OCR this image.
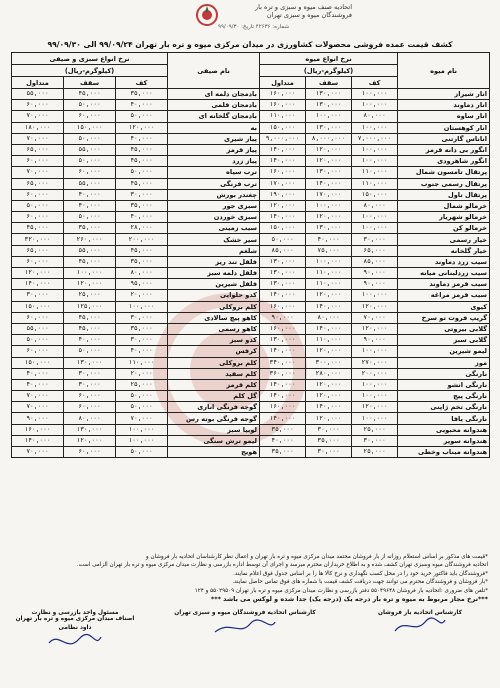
اتحادیه صنف میوه و سبزی و تره بار
فروشندگان میوه و سبزی تهران
شماره: ۴۲۶۳۶ تاریخ: ۹۹/۰۹/۳۰
کشف قیمت عمده فروشی محصولات کشاورزی در میدان مرکزی میوه و تره بار تهران ۹۹/۰۹/۲۴ الی ۹۹/۰۹/۳۰
نام میوه	نرخ انواع میوه			نام صیفی	نرخ انواع سبزی و صیفی		
	(کیلوگرم-ریال)				(کیلوگرم-ریال)		
	کف	سقف	متداول		کف	سقف	متداول
انار شیراز	۱۰۰,۰۰۰	۱۳۰,۰۰۰	۱۶۰,۰۰۰	بادمجان دلمه ای	۳۵,۰۰۰	۴۵,۰۰۰	۵۵,۰۰۰
انار دماوند	۱۰۰,۰۰۰	۱۳۰,۰۰۰	۱۶۰,۰۰۰	بادمجان قلمی	۴۰,۰۰۰	۵۰,۰۰۰	۶۰,۰۰۰
انار ساوه	۸۰,۰۰۰	۱۰۰,۰۰۰	۱۱۰,۰۰۰	بادمجان گلخانه ای	۵۰,۰۰۰	۶۰,۰۰۰	۷۰,۰۰۰
انار کوهستان	۱۰۰,۰۰۰	۱۳۰,۰۰۰	۱۵۰,۰۰۰	به	۱۲۰,۰۰۰	۱۵۰,۰۰۰	۱۸۰,۰۰۰
اناناس گارتنی	۷,۰۰۰,۰۰۰	۸,۰۰۰,۰۰۰	۹,۰۰۰,۰۰۰	پیاز شیری	۴۰,۰۰۰	۵۰,۰۰۰	۷۰,۰۰۰
انگور بی دانه قرمز	۱۰۰,۰۰۰	۱۲۰,۰۰۰	۱۴۰,۰۰۰	پیاز قرمز	۴۵,۰۰۰	۵۵,۰۰۰	۶۵,۰۰۰
انگور شاهرودی	۱۰۰,۰۰۰	۱۲۰,۰۰۰	۱۴۰,۰۰۰	پیاز زرد	۴۵,۰۰۰	۵۰,۰۰۰	۶۰,۰۰۰
پرتقال تامسون شمال	۱۱۰,۰۰۰	۱۳۰,۰۰۰	۱۶۰,۰۰۰	ترب سیاه	۵۰,۰۰۰	۶۰,۰۰۰	۷۰,۰۰۰
پرتقال رسمی جنوب	۱۱۰,۰۰۰	۱۴۰,۰۰۰	۱۷۰,۰۰۰	ترب فرنگی	۴۵,۰۰۰	۵۵,۰۰۰	۶۵,۰۰۰
پرتقال تاول	۱۵۰,۰۰۰	۱۷۰,۰۰۰	۱۹۰,۰۰۰	چغندر بورش	۳۰,۰۰۰	۴۰,۰۰۰	۶۰,۰۰۰
خرمالو شمال	۸۰,۰۰۰	۱۰۰,۰۰۰	۱۲۰,۰۰۰	سبزی جور	۳۵,۰۰۰	۴۰,۰۰۰	۵۰,۰۰۰
خرمالو شهریار	۱۰۰,۰۰۰	۱۲۰,۰۰۰	۱۴۰,۰۰۰	سبزی خوردن	۴۰,۰۰۰	۵۰,۰۰۰	۶۰,۰۰۰
خرمالو کن	۱۰۰,۰۰۰	۱۳۰,۰۰۰	۱۵۰,۰۰۰	سیب زمینی	۲۸,۰۰۰	۳۵,۰۰۰	۴۵,۰۰۰
خیار رسمی	۳۰,۰۰۰	۴۰,۰۰۰	۵۰,۰۰۰	سیر خشک	۲۰۰,۰۰۰	۲۶۰,۰۰۰	۳۲۰,۰۰۰
خیار گلخانه	۶۵,۰۰۰	۷۵,۰۰۰	۸۵,۰۰۰	شلغم	۴۵,۰۰۰	۵۵,۰۰۰	۶۵,۰۰۰
سیب زرد دماوند	۸۵,۰۰۰	۱۰۰,۰۰۰	۱۳۰,۰۰۰	فلفل تند ریز	۳۵,۰۰۰	۴۵,۰۰۰	۶۰,۰۰۰
سیب زردلبنانی میانه	۹۰,۰۰۰	۱۱۰,۰۰۰	۱۳۰,۰۰۰	فلفل دلمه سبز	۸۰,۰۰۰	۱۰۰,۰۰۰	۱۲۰,۰۰۰
سیب قرمز دماوند	۹۰,۰۰۰	۱۱۰,۰۰۰	۱۳۰,۰۰۰	فلفل شیرین	۹۵,۰۰۰	۱۲۰,۰۰۰	۱۴۰,۰۰۰
سیب قرمز مراغه	۱۰۰,۰۰۰	۱۲۰,۰۰۰	۱۴۰,۰۰۰	کدو حلوایی	۲۰,۰۰۰	۲۵,۰۰۰	۳۰,۰۰۰
کیوی	۱۲۰,۰۰۰	۱۴۰,۰۰۰	۱۶۰,۰۰۰	کلم بروکلی	۱۰۰,۰۰۰	۱۲۵,۰۰۰	۱۵۰,۰۰۰
گریپ فروت تو سرخ	۷۰,۰۰۰	۸۰,۰۰۰	۹۰,۰۰۰	کاهو پیچ سالادی	۳۰,۰۰۰	۴۵,۰۰۰	۶۰,۰۰۰
گلابی بیروتی	۱۲۰,۰۰۰	۱۴۰,۰۰۰	۱۶۰,۰۰۰	کاهو رسمی	۳۵,۰۰۰	۴۵,۰۰۰	۵۵,۰۰۰
گلابی سبز	۹۰,۰۰۰	۱۱۰,۰۰۰	۱۳۰,۰۰۰	کدو سبز	۳۰,۰۰۰	۴۰,۰۰۰	۵۰,۰۰۰
لیمو شیرین	۱۰۰,۰۰۰	۱۲۰,۰۰۰	۱۴۰,۰۰۰	کرفس	۴۰,۰۰۰	۵۰,۰۰۰	۶۰,۰۰۰
موز	۲۷۰,۰۰۰	۳۰۰,۰۰۰	۳۴۰,۰۰۰	کلم بروکلی	۱۱۰,۰۰۰	۱۳۰,۰۰۰	۱۵۰,۰۰۰
نارنگی	۲۰۰,۰۰۰	۲۸۰,۰۰۰	۳۶۰,۰۰۰	کلم سفید	۲۰,۰۰۰	۳۰,۰۰۰	۴۰,۰۰۰
نارنگی انشو	۱۰۰,۰۰۰	۱۲۰,۰۰۰	۱۴۰,۰۰۰	کلم قرمز	۲۵,۰۰۰	۳۰,۰۰۰	۴۰,۰۰۰
نارنگی پیج	۱۰۰,۰۰۰	۱۲۰,۰۰۰	۱۴۰,۰۰۰	گل کلم	۵۰,۰۰۰	۶۰,۰۰۰	۷۰,۰۰۰
نارنگی تخم ژاپنی	۱۲۰,۰۰۰	۱۴۰,۰۰۰	۱۶۰,۰۰۰	گوجه فرنگی اناری	۵۰,۰۰۰	۶۰,۰۰۰	۷۰,۰۰۰
نارنگی یافا	۱۰۰,۰۰۰	۱۲۰,۰۰۰	۱۴۰,۰۰۰	گوجه فرنگی بوته رس	۷۰,۰۰۰	۸۰,۰۰۰	۹۰,۰۰۰
هندوانه محبوبی	۲۵,۰۰۰	۳۰,۰۰۰	۳۵,۰۰۰	لوبیا سبز	۱۰۰,۰۰۰	۱۳۰,۰۰۰	۱۶۰,۰۰۰
هندوانه سوپر	۳۰,۰۰۰	۳۵,۰۰۰	۴۰,۰۰۰	لیمو ترش سنگی	۱۰۰,۰۰۰	۱۲۰,۰۰۰	۱۴۰,۰۰۰
هندوانه میناب وخطی	۲۵,۰۰۰	۳۰,۰۰۰	۳۵,۰۰۰	هویج	۵۰,۰۰۰	۶۰,۰۰۰	۷۰,۰۰۰
*قیمت های مذکور بر اساس استعلام روزانه از بار فروشان محتمد میدان مرکزی میوه و تره بار تهران و اعمال نظر کارشناسان اتحادیه بار فروشان و
اتحادیه فروشندگان میوه وسبزی تهران کشف شده و به اطلاع خریداران محترم میرسد و اجرای آن توسط اداره بازرسی و نظارت میدان مرکزی میوه و تره بار تهران الزامی است.
*فروشندگان باید فاکتور خرید خود را در محل کسب نگهداری و نرخ کالا ها را بر اساس جدول فوق اعلام نمایند.
*بار فروشان و فروشندگان محترم می توانند جهت دریافت کشف قیمت با شماره های فوق تماس حاصل نمایند.
*تلفن های ضروری :اتحادیه بار فروشان ۵۵۰۴۹۶۴۸ دفتر بازرسی و نظارت میدان مرکزی میوه و تره بار تهران ۵۵۰۲۹۵۰۹ و ۱۲۴
***نرخ مجاز مربوط به میوه و تره بار درجه یک (درجه یک) جدا شده و لوکس می باشد ***
کارشناس اتحادیه بار فروشان
کارشناس اتحادیه فروشندگان میوه و سبزی تهران
مسئول واحد بازرسی و نظارت
اصناف میدان مرکزی میوه و تره بار تهران
داود نظامی
